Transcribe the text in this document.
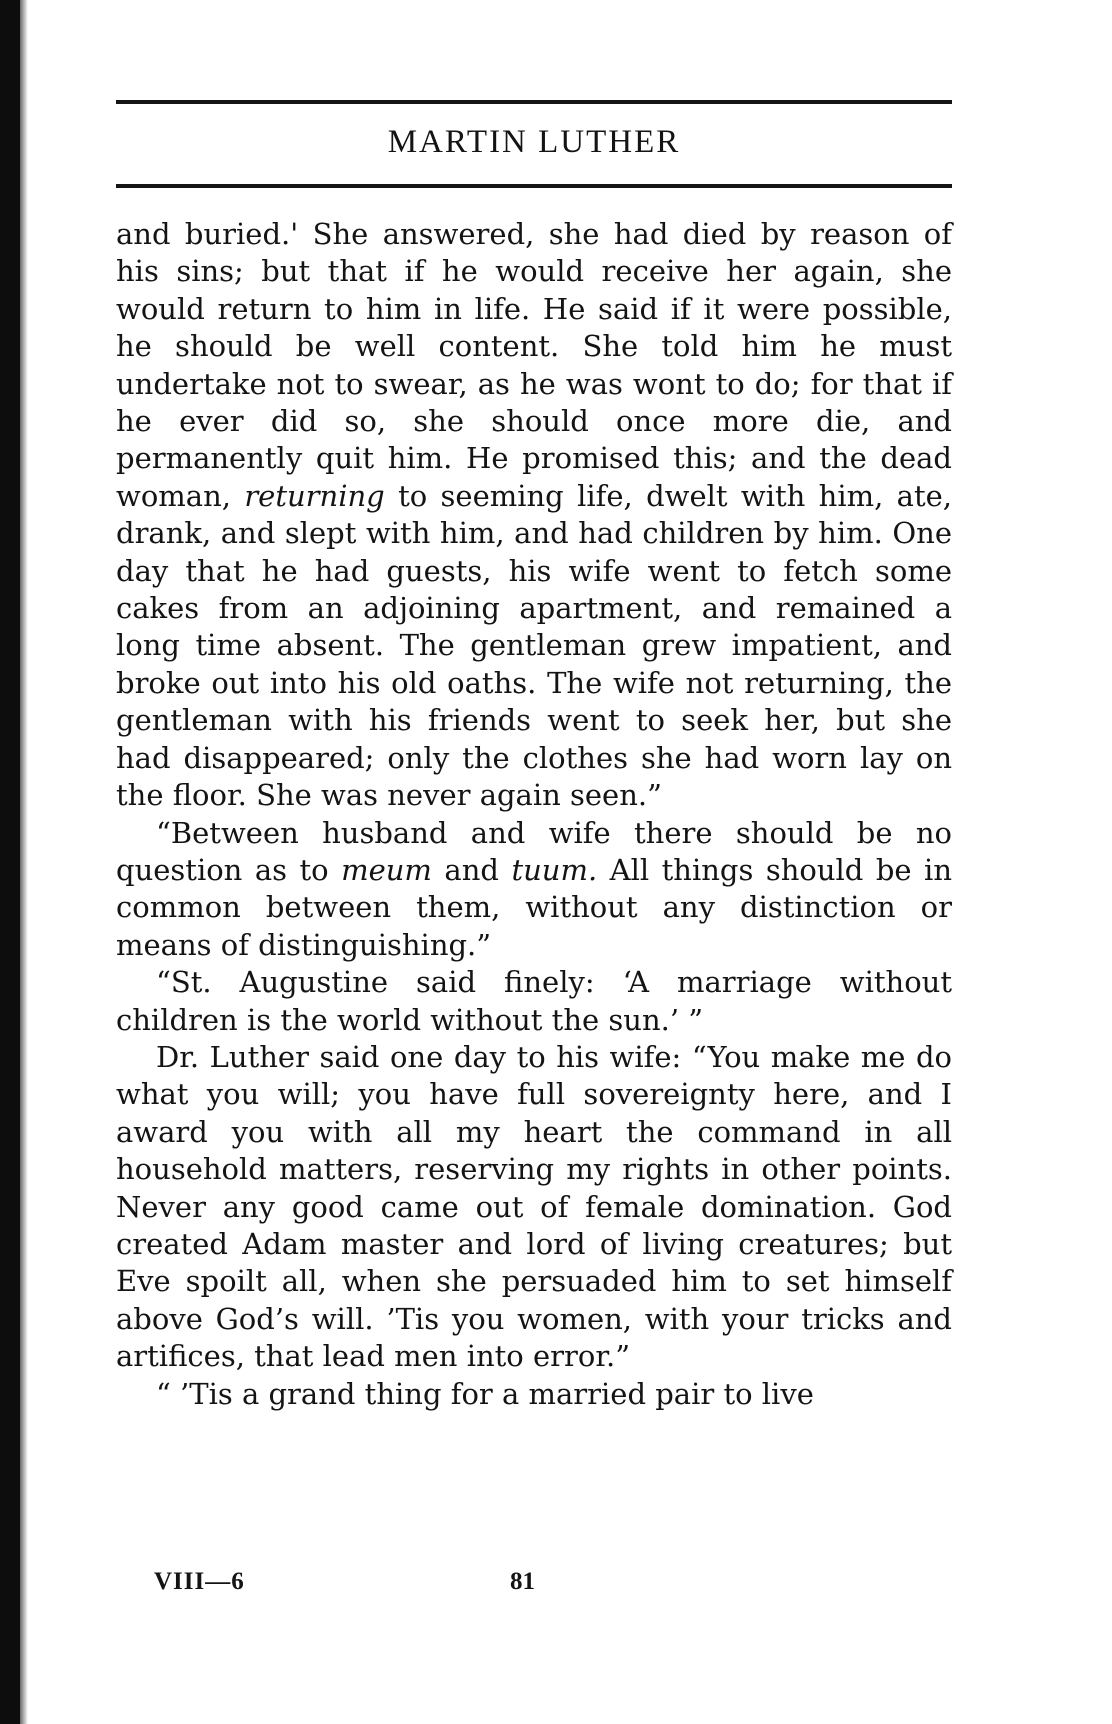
MARTIN LUTHER

and buried.' She answered, she had died by reason of his sins; but that if he would receive her again, she would return to him in life. He said if it were possible, he should be well content. She told him he must undertake not to swear, as he was wont to do; for that if he ever did so, she should once more die, and permanently quit him. He promised this; and the dead woman, returning to seeming life, dwelt with him, ate, drank, and slept with him, and had children by him. One day that he had guests, his wife went to fetch some cakes from an adjoining apartment, and remained a long time absent. The gentleman grew impatient, and broke out into his old oaths. The wife not returning, the gentleman with his friends went to seek her, but she had disappeared; only the clothes she had worn lay on the floor. She was never again seen.”

“Between husband and wife there should be no question as to meum and tuum. All things should be in common between them, without any distinction or means of distinguishing.”

“St. Augustine said finely: ‘A marriage without children is the world without the sun.’ ”

Dr. Luther said one day to his wife: “You make me do what you will; you have full sovereignty here, and I award you with all my heart the command in all household matters, reserving my rights in other points. Never any good came out of female domination. God created Adam master and lord of living creatures; but Eve spoilt all, when she persuaded him to set himself above God’s will. ’Tis you women, with your tricks and artifices, that lead men into error.”

“ ’Tis a grand thing for a married pair to live

VIII—6	81
